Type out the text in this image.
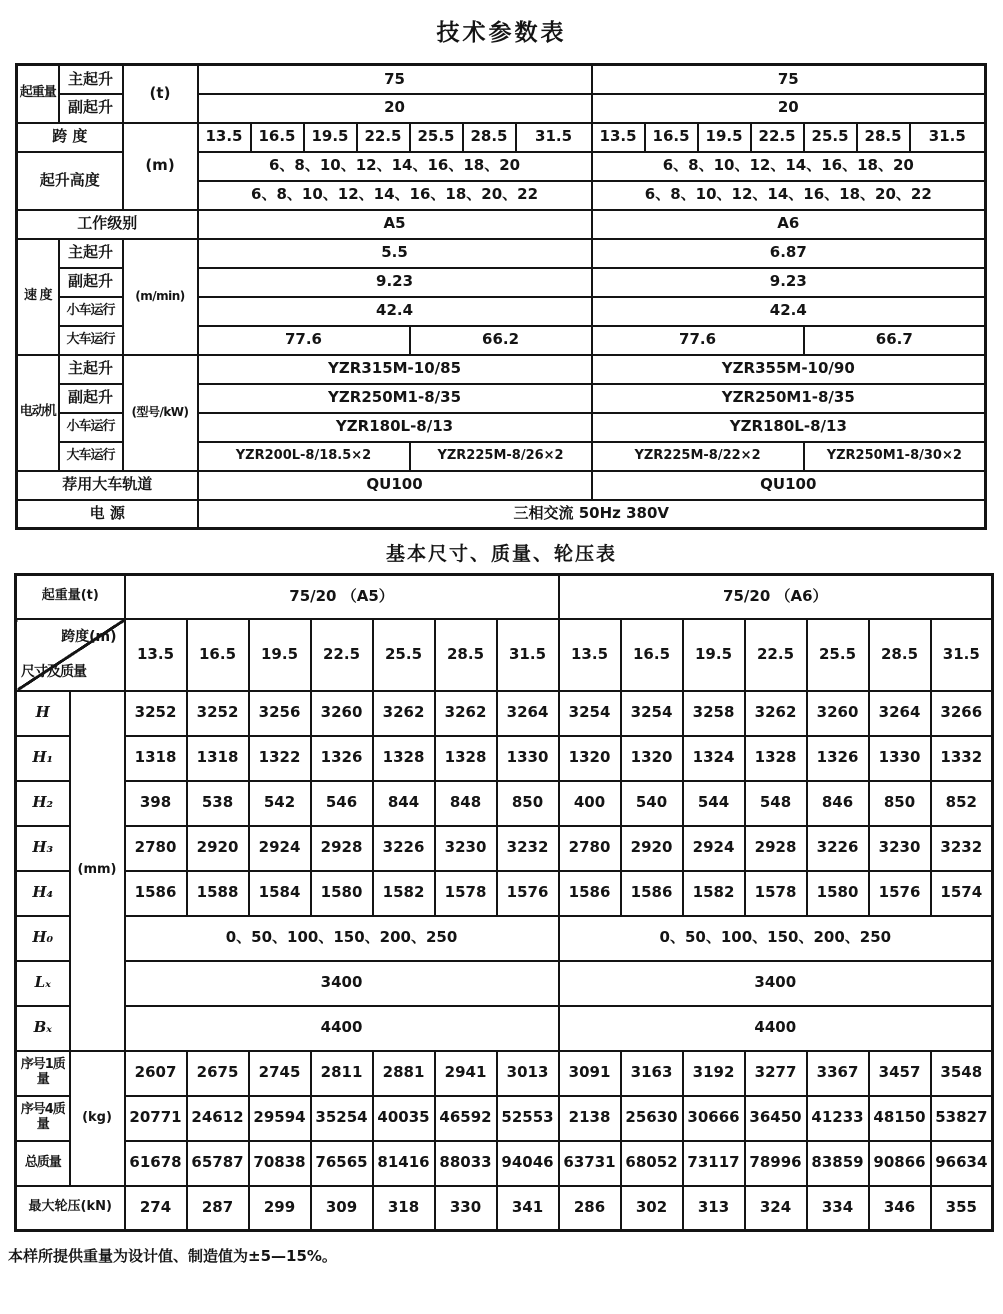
技术参数表
起重量	主起升	(t)	75							75						
	副起升		20							20						
跨 度		(m)	13.5	16.5	19.5	22.5	25.5	28.5	31.5	13.5	16.5	19.5	22.5	25.5	28.5	31.5
起升高度			6、8、10、12、14、16、18、20							6、8、10、12、14、16、18、20						
			6、8、10、12、14、16、18、20、22							6、8、10、12、14、16、18、20、22						
工作级别			A5							A6						
速 度	主起升	(m/min)	5.5							6.87						
	副起升		9.23							9.23						
	小车运行		42.4							42.4						
	大车运行		77.6				66.2			77.6				66.7		
电动机	主起升	(型号/kW)	YZR315M-10/85							YZR355M-10/90						
	副起升		YZR250M1-8/35							YZR250M1-8/35						
	小车运行		YZR180L-8/13							YZR180L-8/13						
	大车运行		YZR200L-8/18.5×2				YZR225M-8/26×2			YZR225M-8/22×2				YZR250M1-8/30×2		
荐用大车轨道			QU100							QU100						
电 源			三相交流 50Hz 380V													
基本尺寸、质量、轮压表
起重量(t)		75/20 （A5）							75/20 （A6）						

跨度(m)
尺寸及质量		13.5	16.5	19.5	22.5	25.5	28.5	31.5	13.5	16.5	19.5	22.5	25.5	28.5	31.5
H	(mm)	3252	3252	3256	3260	3262	3262	3264	3254	3254	3258	3262	3260	3264	3266
H₁		1318	1318	1322	1326	1328	1328	1330	1320	1320	1324	1328	1326	1330	1332
H₂		398	538	542	546	844	848	850	400	540	544	548	846	850	852
H₃		2780	2920	2924	2928	3226	3230	3232	2780	2920	2924	2928	3226	3230	3232
H₄		1586	1588	1584	1580	1582	1578	1576	1586	1586	1582	1578	1580	1576	1574
H₀		0、50、100、150、200、250							0、50、100、150、200、250						
Lₓ		3400							3400						
Bₓ		4400							4400						
序号1质量	(kg)	2607	2675	2745	2811	2881	2941	3013	3091	3163	3192	3277	3367	3457	3548
序号4质量		20771	24612	29594	35254	40035	46592	52553	2138	25630	30666	36450	41233	48150	53827
总质量		61678	65787	70838	76565	81416	88033	94046	63731	68052	73117	78996	83859	90866	96634
最大轮压(kN)		274	287	299	309	318	330	341	286	302	313	324	334	346	355
本样所提供重量为设计值、制造值为±5—15%。
